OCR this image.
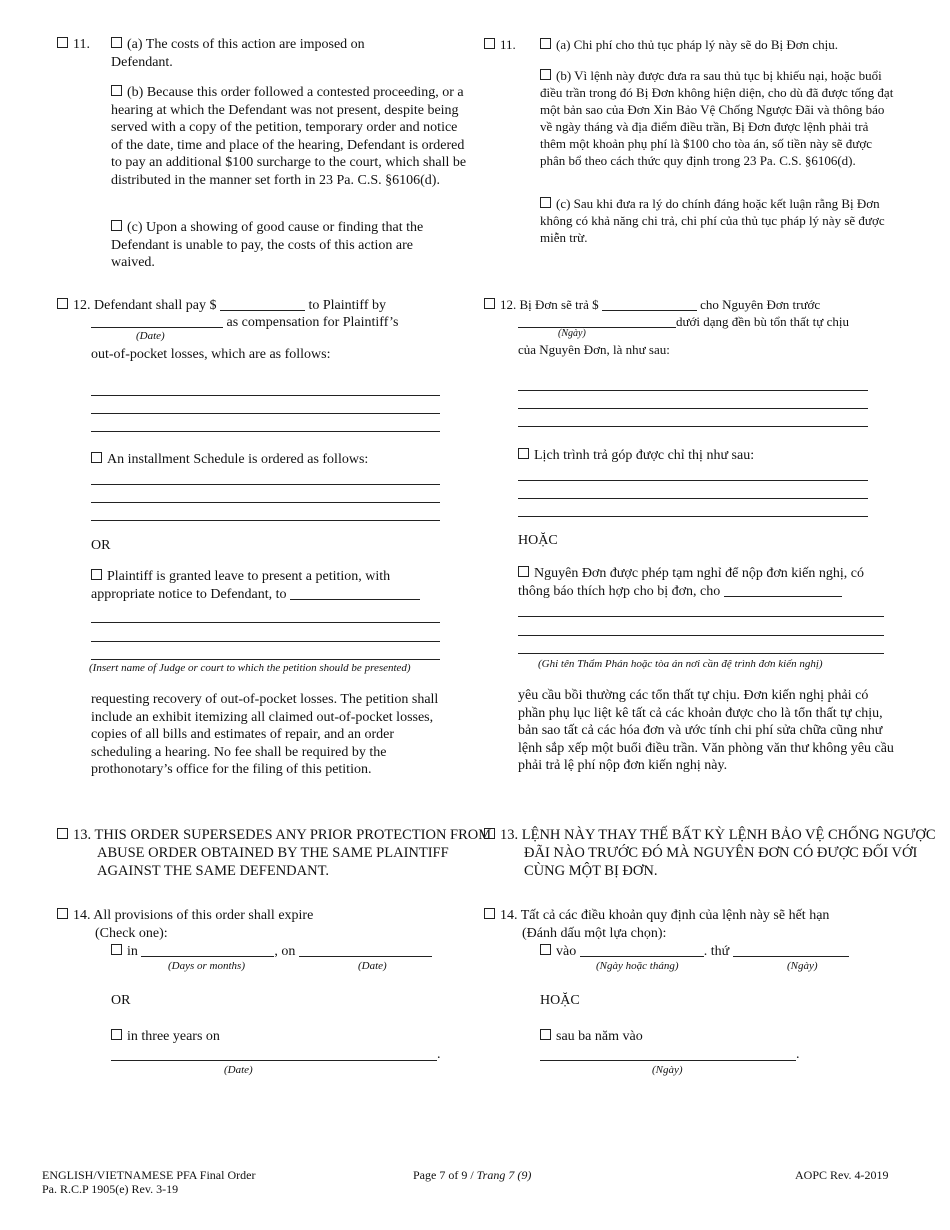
11.	(a) The costs of this action are imposed on Defendant.
(b) Because this order followed a contested proceeding, or a hearing at which the Defendant was not present, despite being served with a copy of the petition, temporary order and notice of the date, time and place of the hearing, Defendant is ordered to pay an additional $100 surcharge to the court, which shall be distributed in the manner set forth in 23 Pa. C.S. §6106(d).
(c) Upon a showing of good cause or finding that the Defendant is unable to pay, the costs of this action are waived.
12. Defendant shall pay $	to Plaintiff by
as compensation for Plaintiff’s
(Date)
out-of-pocket losses, which are as follows:
An installment Schedule is ordered as follows:
OR
Plaintiff is granted leave to present a petition, with appropriate notice to Defendant, to
(Insert name of Judge or court to which the petition should be presented)
requesting recovery of out-of-pocket losses. The petition shall include an exhibit itemizing all claimed out-of-pocket losses, copies of all bills and estimates of repair, and an order scheduling a hearing. No fee shall be required by the prothonotary’s office for the filing of this petition.
13. THIS ORDER SUPERSEDES ANY PRIOR PROTECTION FROM ABUSE ORDER OBTAINED BY THE SAME PLAINTIFF AGAINST THE SAME DEFENDANT.
14. All provisions of this order shall expire
(Check one):
in	, on
(Days or months)	(Date)
OR
in three years on
.
(Date)
11.	(a) Chi phí cho thủ tục pháp lý này sẽ do Bị Đơn chịu.
(b) Vì lệnh này được đưa ra sau thủ tục bị khiếu nại, hoặc buổi điều trần trong đó Bị Đơn không hiện diện, cho dù đã được tống đạt một bản sao của Đơn Xin Bảo Vệ Chống Ngược Đãi và thông báo về ngày tháng và địa điểm điều trần, Bị Đơn được lệnh phải trả thêm một khoản phụ phí là $100 cho tòa án, số tiền này sẽ được phân bổ theo cách thức quy định trong 23 Pa. C.S. §6106(d).
(c) Sau khi đưa ra lý do chính đáng hoặc kết luận rằng Bị Đơn không có khả năng chi trả, chi phí của thủ tục pháp lý này sẽ được miễn trừ.
12. Bị Đơn sẽ trả $	cho Nguyên Đơn trước
dưới dạng đền bù tổn thất tự chịu
(Ngày)
của Nguyên Đơn, là như sau:
Lịch trình trả góp được chỉ thị như sau:
HOẶC
Nguyên Đơn được phép tạm nghỉ để nộp đơn kiến nghị, có thông báo thích hợp cho bị đơn, cho
(Ghi tên Thẩm Phán hoặc tòa án nơi cần đệ trình đơn kiến nghị)
yêu cầu bồi thường các tổn thất tự chịu. Đơn kiến nghị phải có phần phụ lục liệt kê tất cả các khoản được cho là tổn thất tự chịu, bản sao tất cả các hóa đơn và ước tính chi phí sửa chữa cũng như lệnh sắp xếp một buổi điều trần. Văn phòng văn thư không yêu cầu phải trả lệ phí nộp đơn kiến nghị này.
13. LỆNH NÀY THAY THẾ BẤT KỲ LỆNH BẢO VỆ CHỐNG NGƯỢC ĐÃI NÀO TRƯỚC ĐÓ MÀ NGUYÊN ĐƠN CÓ ĐƯỢC ĐỐI VỚI CÙNG MỘT BỊ ĐƠN.
14. Tất cả các điều khoản quy định của lệnh này sẽ hết hạn
(Đánh dấu một lựa chọn):
vào	. thứ
(Ngày hoặc tháng)	(Ngày)
HOẶC
sau ba năm vào
.
(Ngày)
ENGLISH/VIETNAMESE PFA Final Order
Pa. R.C.P 1905(e) Rev. 3-19
Page 7 of 9 / Trang 7 (9)	AOPC Rev. 4-2019
